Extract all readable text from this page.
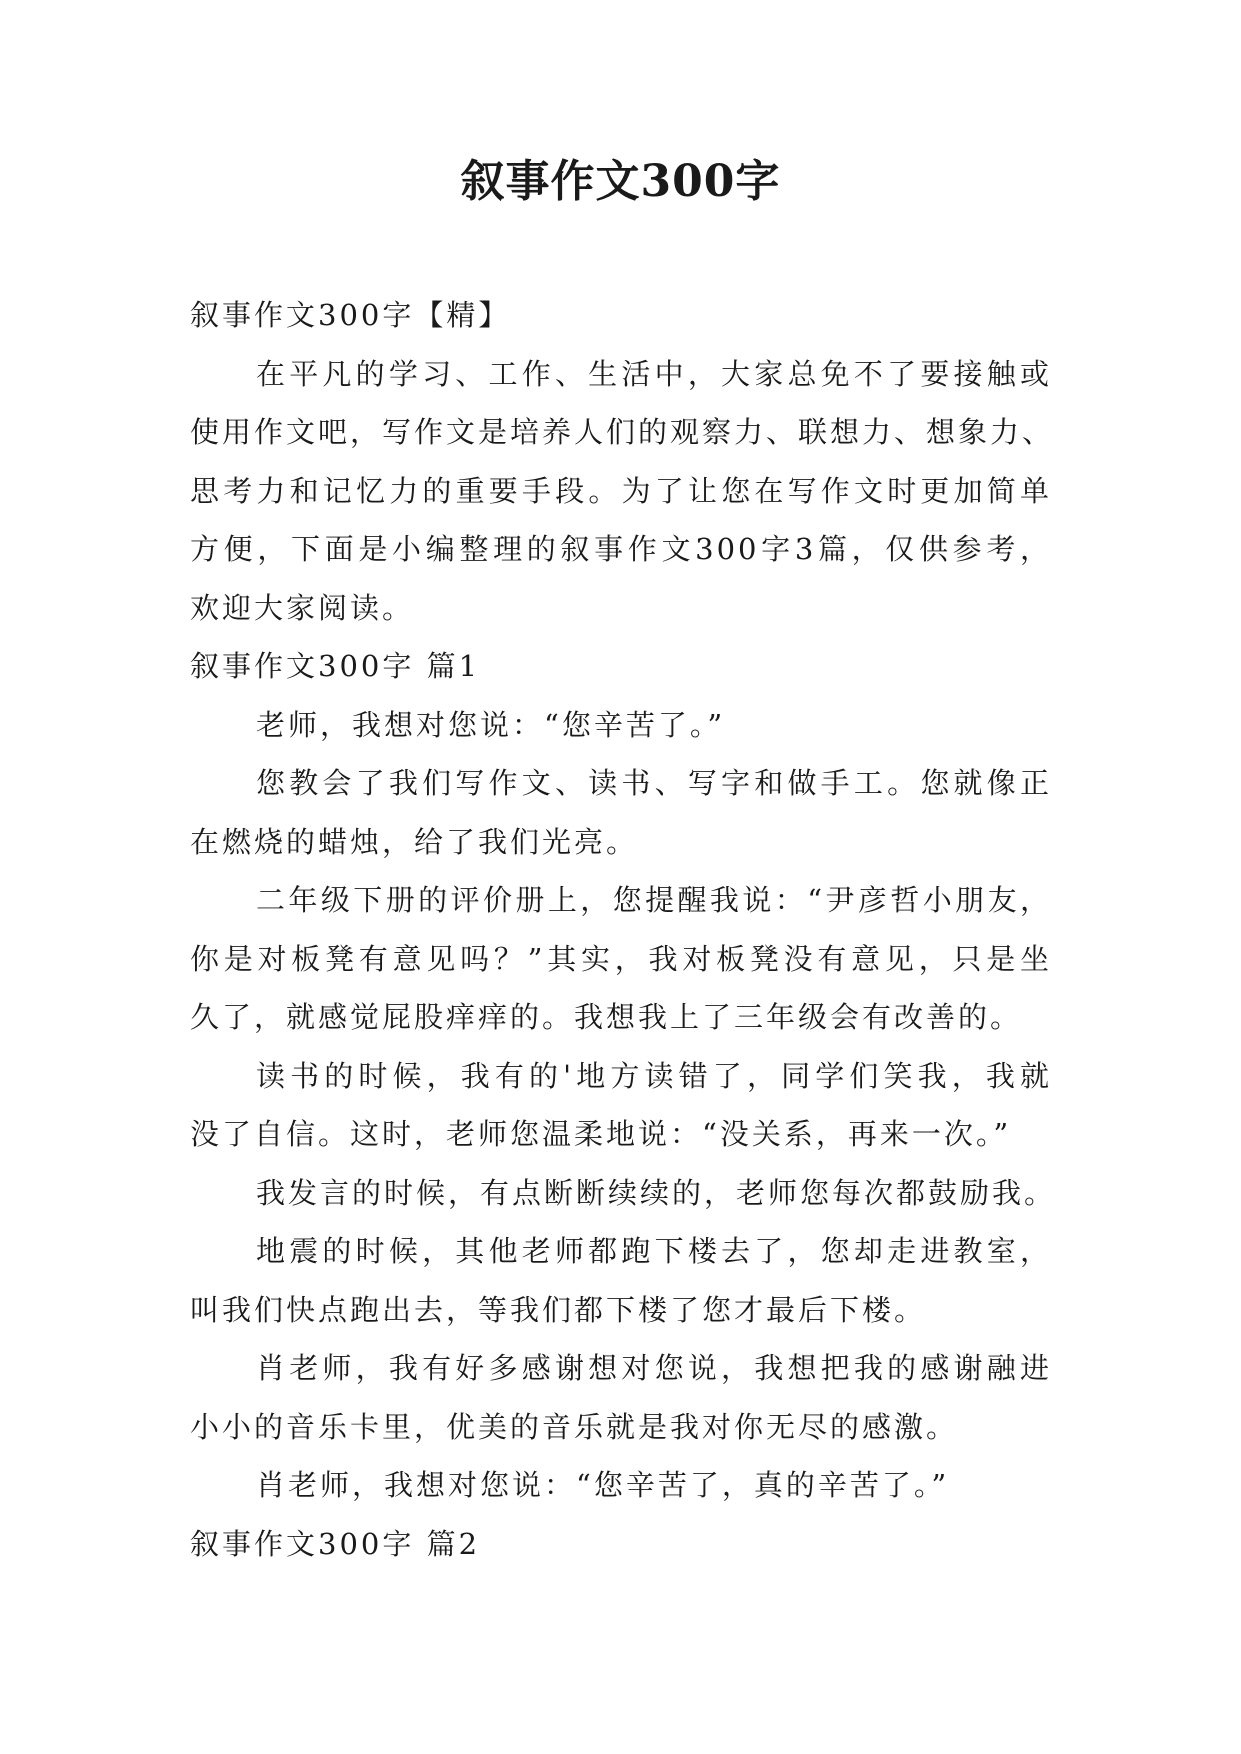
叙事作文300字
叙事作文300字【精】
在平凡的学习、工作、生活中，大家总免不了要接触或
使用作文吧，写作文是培养人们的观察力、联想力、想象力、
思考力和记忆力的重要手段。为了让您在写作文时更加简单
方便，下面是小编整理的叙事作文300字3篇，仅供参考，
欢迎大家阅读。
叙事作文300字 篇1
老师，我想对您说：“您辛苦了。”
您教会了我们写作文、读书、写字和做手工。您就像正
在燃烧的蜡烛，给了我们光亮。
二年级下册的评价册上，您提醒我说：“尹彦哲小朋友，
你是对板凳有意见吗？”其实，我对板凳没有意见，只是坐
久了，就感觉屁股痒痒的。我想我上了三年级会有改善的。
读书的时候，我有的'地方读错了，同学们笑我，我就
没了自信。这时，老师您温柔地说：“没关系，再来一次。”
我发言的时候，有点断断续续的，老师您每次都鼓励我。
地震的时候，其他老师都跑下楼去了，您却走进教室，
叫我们快点跑出去，等我们都下楼了您才最后下楼。
肖老师，我有好多感谢想对您说，我想把我的感谢融进
小小的音乐卡里，优美的音乐就是我对你无尽的感激。
肖老师，我想对您说：“您辛苦了，真的辛苦了。”
叙事作文300字 篇2
